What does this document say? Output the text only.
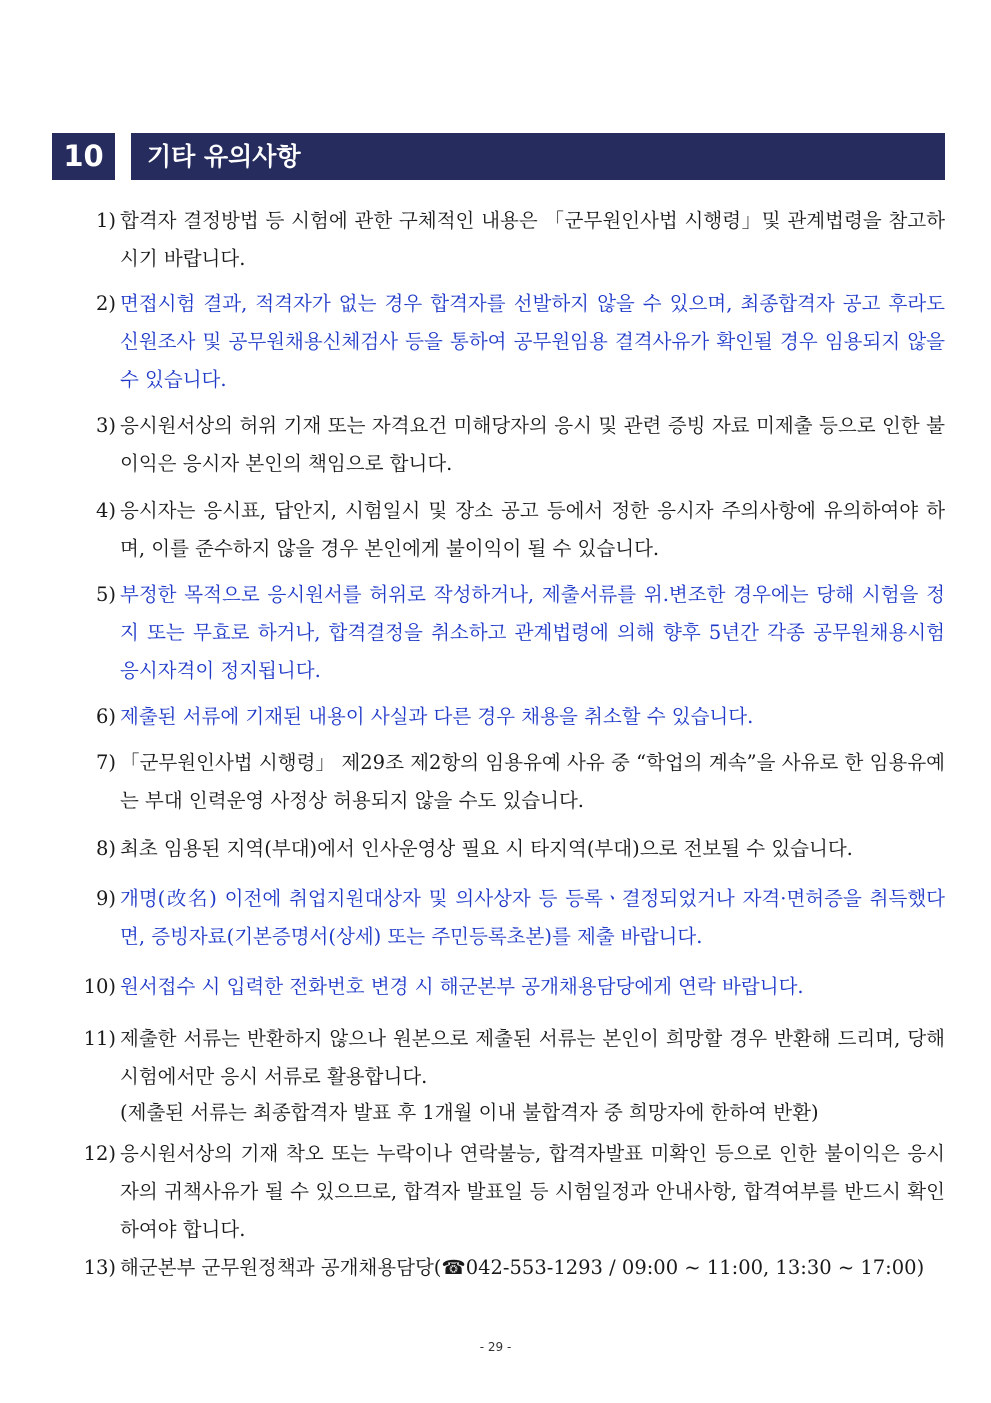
10	기타 유의사항
1) 합격자 결정방법 등 시험에 관한 구체적인 내용은 「군무원인사법 시행령」및 관계법령을 참고하시기 바랍니다.
2) 면접시험 결과, 적격자가 없는 경우 합격자를 선발하지 않을 수 있으며, 최종합격자 공고 후라도 신원조사 및 공무원채용신체검사 등을 통하여 공무원임용 결격사유가 확인될 경우 임용되지 않을 수 있습니다.
3) 응시원서상의 허위 기재 또는 자격요건 미해당자의 응시 및 관련 증빙 자료 미제출 등으로 인한 불이익은 응시자 본인의 책임으로 합니다.
4) 응시자는 응시표, 답안지, 시험일시 및 장소 공고 등에서 정한 응시자 주의사항에 유의하여야 하며, 이를 준수하지 않을 경우 본인에게 불이익이 될 수 있습니다.
5) 부정한 목적으로 응시원서를 허위로 작성하거나, 제출서류를 위.변조한 경우에는 당해 시험을 정지 또는 무효로 하거나, 합격결정을 취소하고 관계법령에 의해 향후 5년간 각종 공무원채용시험 응시자격이 정지됩니다.
6) 제출된 서류에 기재된 내용이 사실과 다른 경우 채용을 취소할 수 있습니다.
7) 「군무원인사법 시행령」 제29조 제2항의 임용유예 사유 중 “학업의 계속”을 사유로 한 임용유예는 부대 인력운영 사정상 허용되지 않을 수도 있습니다.
8) 최초 임용된 지역(부대)에서 인사운영상 필요 시 타지역(부대)으로 전보될 수 있습니다.
9) 개명(改名) 이전에 취업지원대상자 및 의사상자 등 등록ㆍ결정되었거나 자격·면허증을 취득했다면, 증빙자료(기본증명서(상세) 또는 주민등록초본)를 제출 바랍니다.
10) 원서접수 시 입력한 전화번호 변경 시 해군본부 공개채용담당에게 연락 바랍니다.
11) 제출한 서류는 반환하지 않으나 원본으로 제출된 서류는 본인이 희망할 경우 반환해 드리며, 당해 시험에서만 응시 서류로 활용합니다.
(제출된 서류는 최종합격자 발표 후 1개월 이내 불합격자 중 희망자에 한하여 반환)
12) 응시원서상의 기재 착오 또는 누락이나 연락불능, 합격자발표 미확인 등으로 인한 불이익은 응시자의 귀책사유가 될 수 있으므로, 합격자 발표일 등 시험일정과 안내사항, 합격여부를 반드시 확인하여야 합니다.
13) 해군본부 군무원정책과 공개채용담당(☎042-553-1293 / 09:00 ~ 11:00, 13:30 ~ 17:00)
- 29 -
